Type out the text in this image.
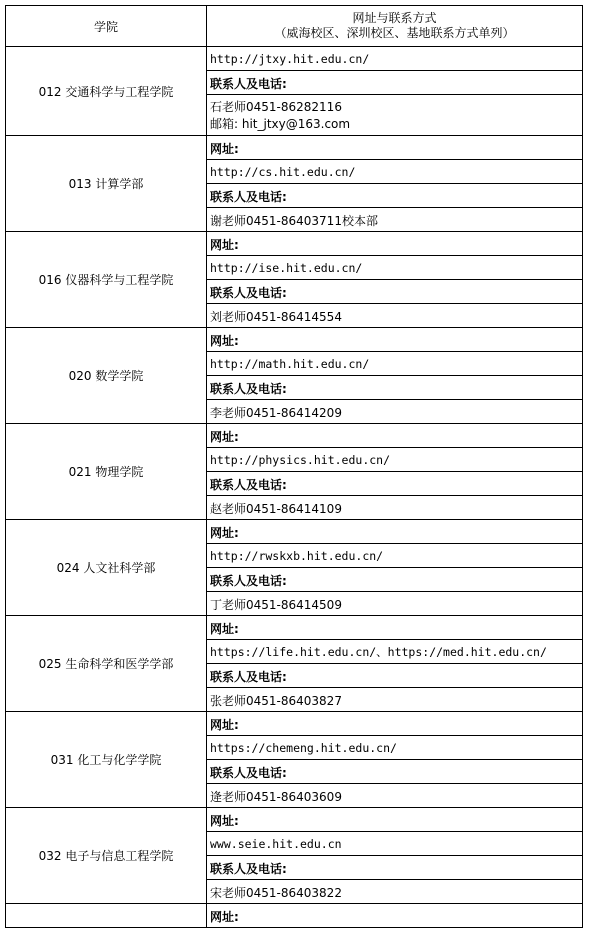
学院	网址与联系方式
（威海校区、深圳校区、基地联系方式单列）

012 交通科学与工程学院	http://jtxy.hit.edu.cn/
	联系人及电话:

	石老师0451-86282116
邮箱: hit_jtxy@163.com

013 计算学部	网址:
	http://cs.hit.edu.cn/
	联系人及电话:
	谢老师0451-86403711校本部
016 仪器科学与工程学院	网址:
	http://ise.hit.edu.cn/
	联系人及电话:
	刘老师0451-86414554
020 数学学院	网址:
	http://math.hit.edu.cn/
	联系人及电话:
	李老师0451-86414209
021 物理学院	网址:
	http://physics.hit.edu.cn/
	联系人及电话:
	赵老师0451-86414109
024 人文社科学部	网址:
	http://rwskxb.hit.edu.cn/
	联系人及电话:
	丁老师0451-86414509
025 生命科学和医学学部	网址:
	https://life.hit.edu.cn/、https://med.hit.edu.cn/
	联系人及电话:
	张老师0451-86403827
031 化工与化学学院	网址:
	https://chemeng.hit.edu.cn/
	联系人及电话:
	逄老师0451-86403609
032 电子与信息工程学院	网址:
	www.seie.hit.edu.cn
	联系人及电话:
	宋老师0451-86403822
	网址:
